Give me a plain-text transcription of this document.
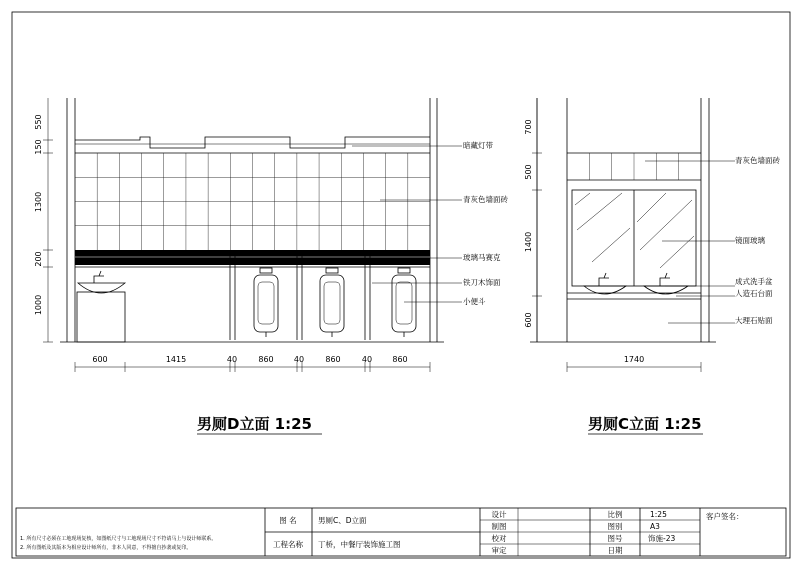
550
150
1300
200
1000
600	1415	40	860	40	860	40	860
暗藏灯带
青灰色墙面砖
玻璃马赛克
铁刀木饰面
小便斗
男厕D立面 1:25
700
500
1400
600
1740
青灰色墙面砖
镜面玻璃
成式洗手盆
人造石台面
大理石贴面
男厕C立面 1:25
1. 所有尺寸必须在工地现场复核，如图纸尺寸与工地现场尺寸不符请马上与设计师联系。
2. 所有图纸及其版本为相应设计师所有，非本人同意，不得擅自抄袭或复印。
图 名	男厕C、D立面
工程名称 丁桥，中餐厅装饰施工图
设计
制图
校对
审定
比例	1:25
图别	A3
图号	饰施-23
日期
客户签名：
